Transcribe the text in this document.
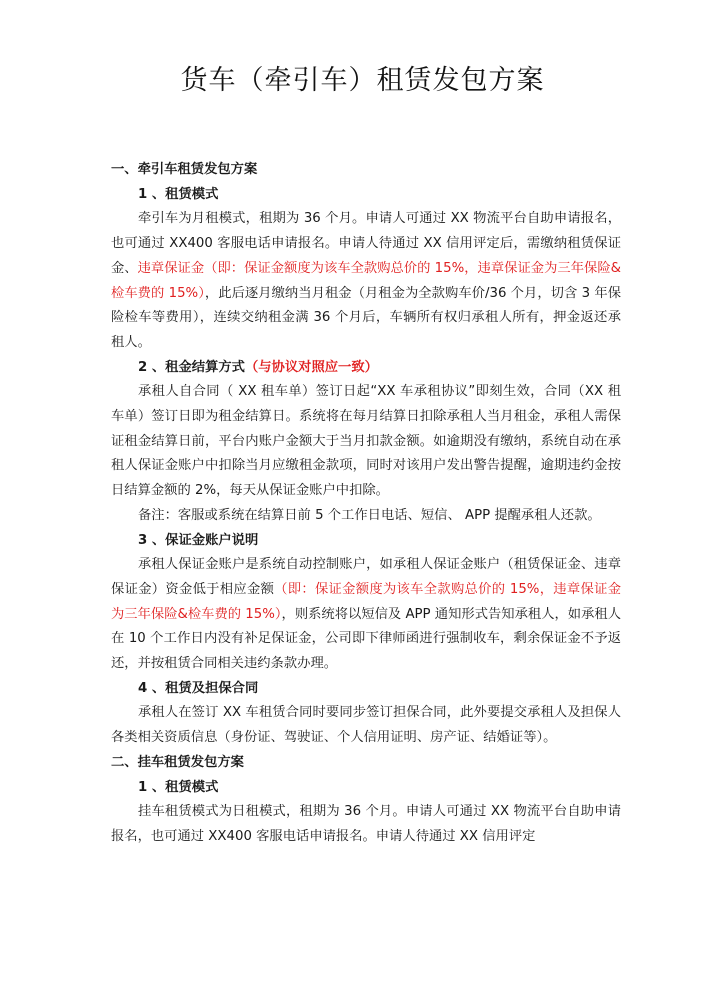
货车（牵引车）租赁发包方案

一、牵引车租赁发包方案

1 、租赁模式

牵引车为月租模式，租期为 36 个月。申请人可通过 XX 物流平台自助申请报名，也可通过 XX400 客服电话申请报名。申请人待通过 XX 信用评定后，需缴纳租赁保证金、违章保证金（即：保证金额度为该车全款购总价的 15%，违章保证金为三年保险&检车费的 15%），此后逐月缴纳当月租金（月租金为全款购车价/36 个月，切含 3 年保险检车等费用），连续交纳租金满 36 个月后，车辆所有权归承租人所有，押金返还承租人。

2 、租金结算方式（与协议对照应一致）

承租人自合同（ XX 租车单）签订日起“XX 车承租协议”即刻生效，合同（XX 租车单）签订日即为租金结算日。系统将在每月结算日扣除承租人当月租金，承租人需保证租金结算日前，平台内账户金额大于当月扣款金额。如逾期没有缴纳，系统自动在承租人保证金账户中扣除当月应缴租金款项，同时对该用户发出警告提醒，逾期违约金按日结算金额的 2%，每天从保证金账户中扣除。

备注：客服或系统在结算日前 5 个工作日电话、短信、 APP 提醒承租人还款。

3 、保证金账户说明

承租人保证金账户是系统自动控制账户，如承租人保证金账户（租赁保证金、违章保证金）资金低于相应金额（即：保证金额度为该车全款购总价的 15%，违章保证金为三年保险&检车费的 15%），则系统将以短信及 APP 通知形式告知承租人，如承租人在 10 个工作日内没有补足保证金，公司即下律师函进行强制收车，剩余保证金不予返还，并按租赁合同相关违约条款办理。

4 、租赁及担保合同

承租人在签订 XX 车租赁合同时要同步签订担保合同，此外要提交承租人及担保人各类相关资质信息（身份证、驾驶证、个人信用证明、房产证、结婚证等）。

二、挂车租赁发包方案

1 、租赁模式

挂车租赁模式为日租模式，租期为 36 个月。申请人可通过 XX 物流平台自助申请报名，也可通过 XX400 客服电话申请报名。申请人待通过 XX 信用评定
